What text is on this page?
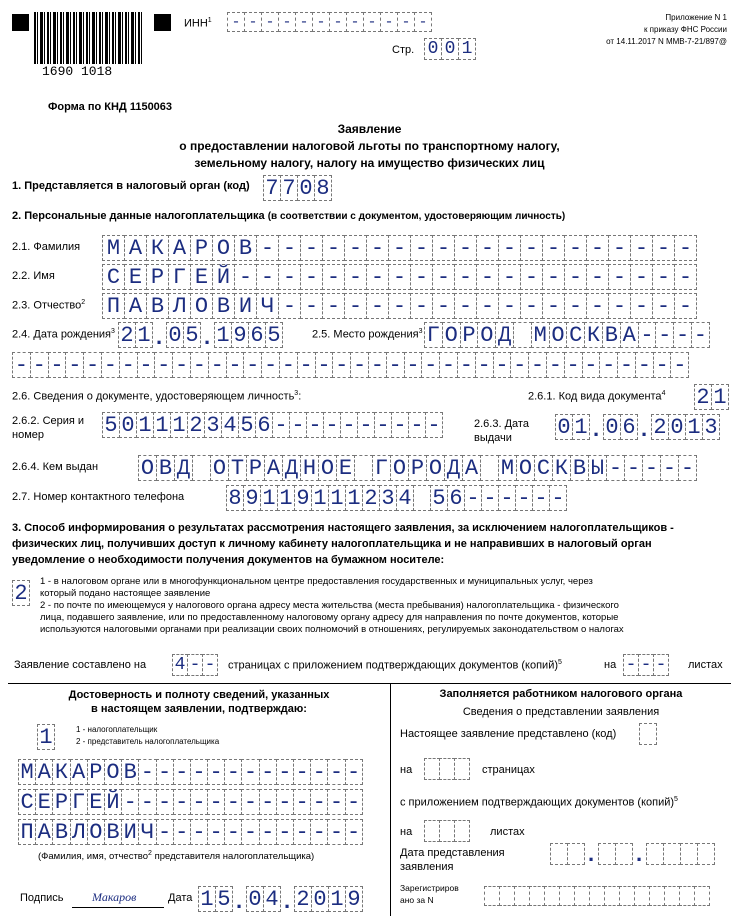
1690 1018
ИНН$^1$ - - - - - - - - - - - -
Стр. 0 0 1
Приложение N 1
к приказу ФНС России
от 14.11.2017 N ММВ-7-21/897@
Форма по КНД 1150063
Заявление
о предоставлении налоговой льготы по транспортному налогу,
земельному налогу, налогу на имущество физических лиц
1. Представляется в налоговый орган (код) 7 7 0 8
2. Персональные данные налогоплательщика (в соответствии с документом, удостоверяющим личность)
2.1. Фамилия М А К А Р О В - - - - - - - - - - - - - - - - - - - -
2.2. Имя С Е Р Г Е Й - - - - - - - - - - - - - - - - - - - - -
2.3. Отчество$^2$ П А В Л О В И Ч - - - - - - - - - - - - - - - - - - -
2.4. Дата рождения$^3$ 2 1 . 0 5 . 1 9 6 5	2.5. Место рождения$^3$ Г О Р О Д М О С К В А - - - -
- - - - - - - - - - - - - - - - - - - - - - - - - - - - - - - - - - - - - -
2.6. Сведения о документе, удостоверяющем личность$^3$:	2.6.1. Код вида документа$^4$ 2 1
2.6.2. Серия и
номер	5 0 1 1 1 2 3 4 5 6 - - - - - - - - - -	2.6.3. Дата
выдачи	0 1 . 0 6 . 2 0 1 3
2.6.4. Кем выдан О В Д О Т Р А Д Н О Е Г О Р О Д А М О С К В Ы - - - - -
2.7. Номер контактного телефона 8 9 1 1 9 1 1 1 2 3 4 5 6 - - - - - -
3. Способ информирования о результатах рассмотрения настоящего заявления, за исключением налогоплательщиков -
физических лиц, получивших доступ к личному кабинету налогоплательщика и не направивших в налоговый орган
уведомление о необходимости получения документов на бумажном носителе:
2 1 - в налоговом органе или в многофункциональном центре предоставления государственных и муниципальных услуг, через
который подано настоящее заявление
2 - по почте по имеющемуся у налогового органа адресу места жительства (места пребывания) налогоплательщика - физического
лица, подавшего заявление, или по предоставленному налоговому органу адресу для направления по почте документов, которые
используются налоговыми органами при реализации своих полномочий в отношениях, регулируемых законодательством о налогах
Заявление составлено на 4 - - страницах с приложением подтверждающих документов (копий)$^5$	на - - - листах
Достоверность и полноту сведений, указанных
в настоящем заявлении, подтверждаю:
1	1 - налогоплательщик
2 - представитель налогоплательщика
М А К А Р О В - - - - - - - - - - - - -
С Е Р Г Е Й - - - - - - - - - - - - - -
П А В Л О В И Ч - - - - - - - - - - - -
(Фамилия, имя, отчество$^2$ представителя налогоплательщика)
Подпись Макаров	Дата 1 5 . 0 4 . 2 0 1 9
Заполняется работником налогового органа
Сведения о представлении заявления
Настоящее заявление представлено (код)
на	страницах
с приложением подтверждающих документов (копий)$^5$
на	листах
Дата представления
заявления
. .
Зарегистриров
ано за N
